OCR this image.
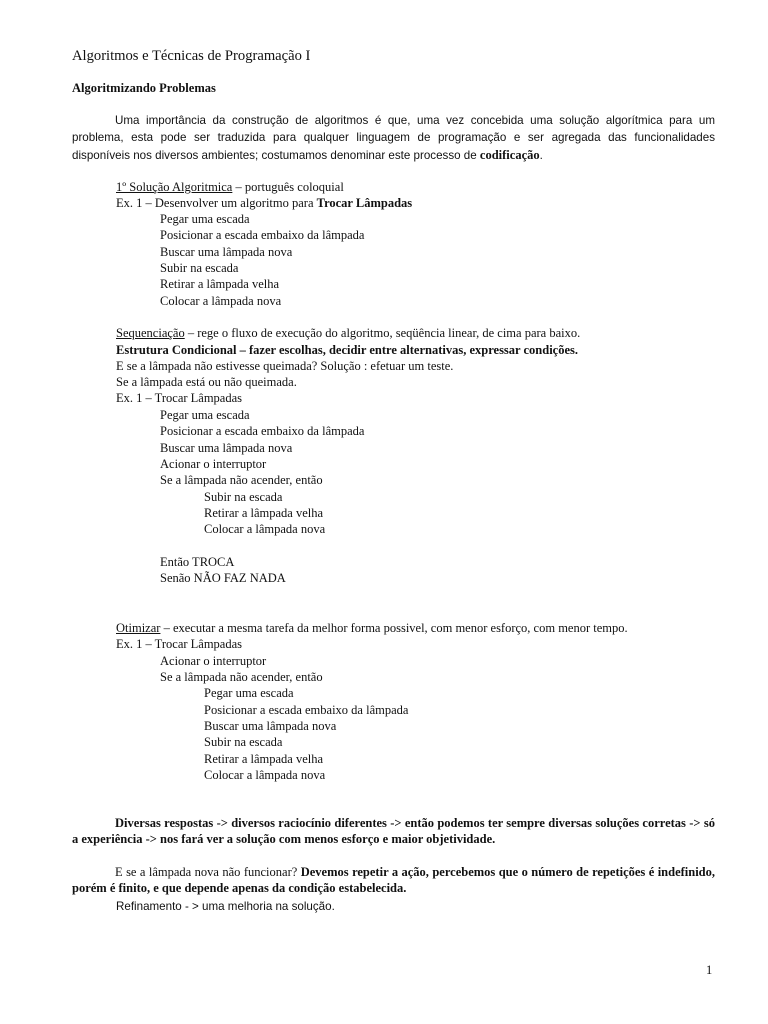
Algoritmos e Técnicas de Programação I
Algoritmizando Problemas
Uma importância da construção de algoritmos é que, uma vez concebida uma solução algorítmica para um problema, esta pode ser traduzida para qualquer linguagem de programação e ser agregada das funcionalidades disponíveis nos diversos ambientes; costumamos denominar este processo de codificação.
1º Solução Algoritmica – português coloquial
Ex. 1 – Desenvolver um algoritmo para Trocar Lâmpadas
Pegar uma escada
Posicionar a escada embaixo da lâmpada
Buscar uma lâmpada nova
Subir na escada
Retirar a lâmpada velha
Colocar a lâmpada nova
Sequenciação – rege o fluxo de execução do algoritmo, seqüência linear, de cima para baixo.
Estrutura Condicional – fazer escolhas, decidir entre alternativas, expressar condições.
E se a lâmpada não estivesse queimada? Solução : efetuar um teste.
Se a lâmpada está ou não queimada.
Ex. 1 – Trocar Lâmpadas
Pegar uma escada
Posicionar a escada embaixo da lâmpada
Buscar uma lâmpada nova
Acionar o interruptor
Se a lâmpada não acender, então
Subir na escada
Retirar a lâmpada velha
Colocar a lâmpada nova
Então TROCA
Senão NÃO FAZ NADA
Otimizar – executar a mesma tarefa da melhor forma possivel, com menor esforço, com menor tempo.
Ex. 1 – Trocar Lâmpadas
Acionar o interruptor
Se a lâmpada não acender, então
Pegar uma escada
Posicionar a escada embaixo da lâmpada
Buscar uma lâmpada nova
Subir na escada
Retirar a lâmpada velha
Colocar a lâmpada nova
Diversas respostas -> diversos raciocínio diferentes -> então podemos ter sempre diversas soluções corretas -> só a experiência -> nos fará ver a solução com menos esforço e maior objetividade.
E se a lâmpada nova não funcionar? Devemos repetir a ação, percebemos que o número de repetições é indefinido, porém é finito, e que depende apenas da condição estabelecida.
Refinamento - > uma melhoria na solução.
1
